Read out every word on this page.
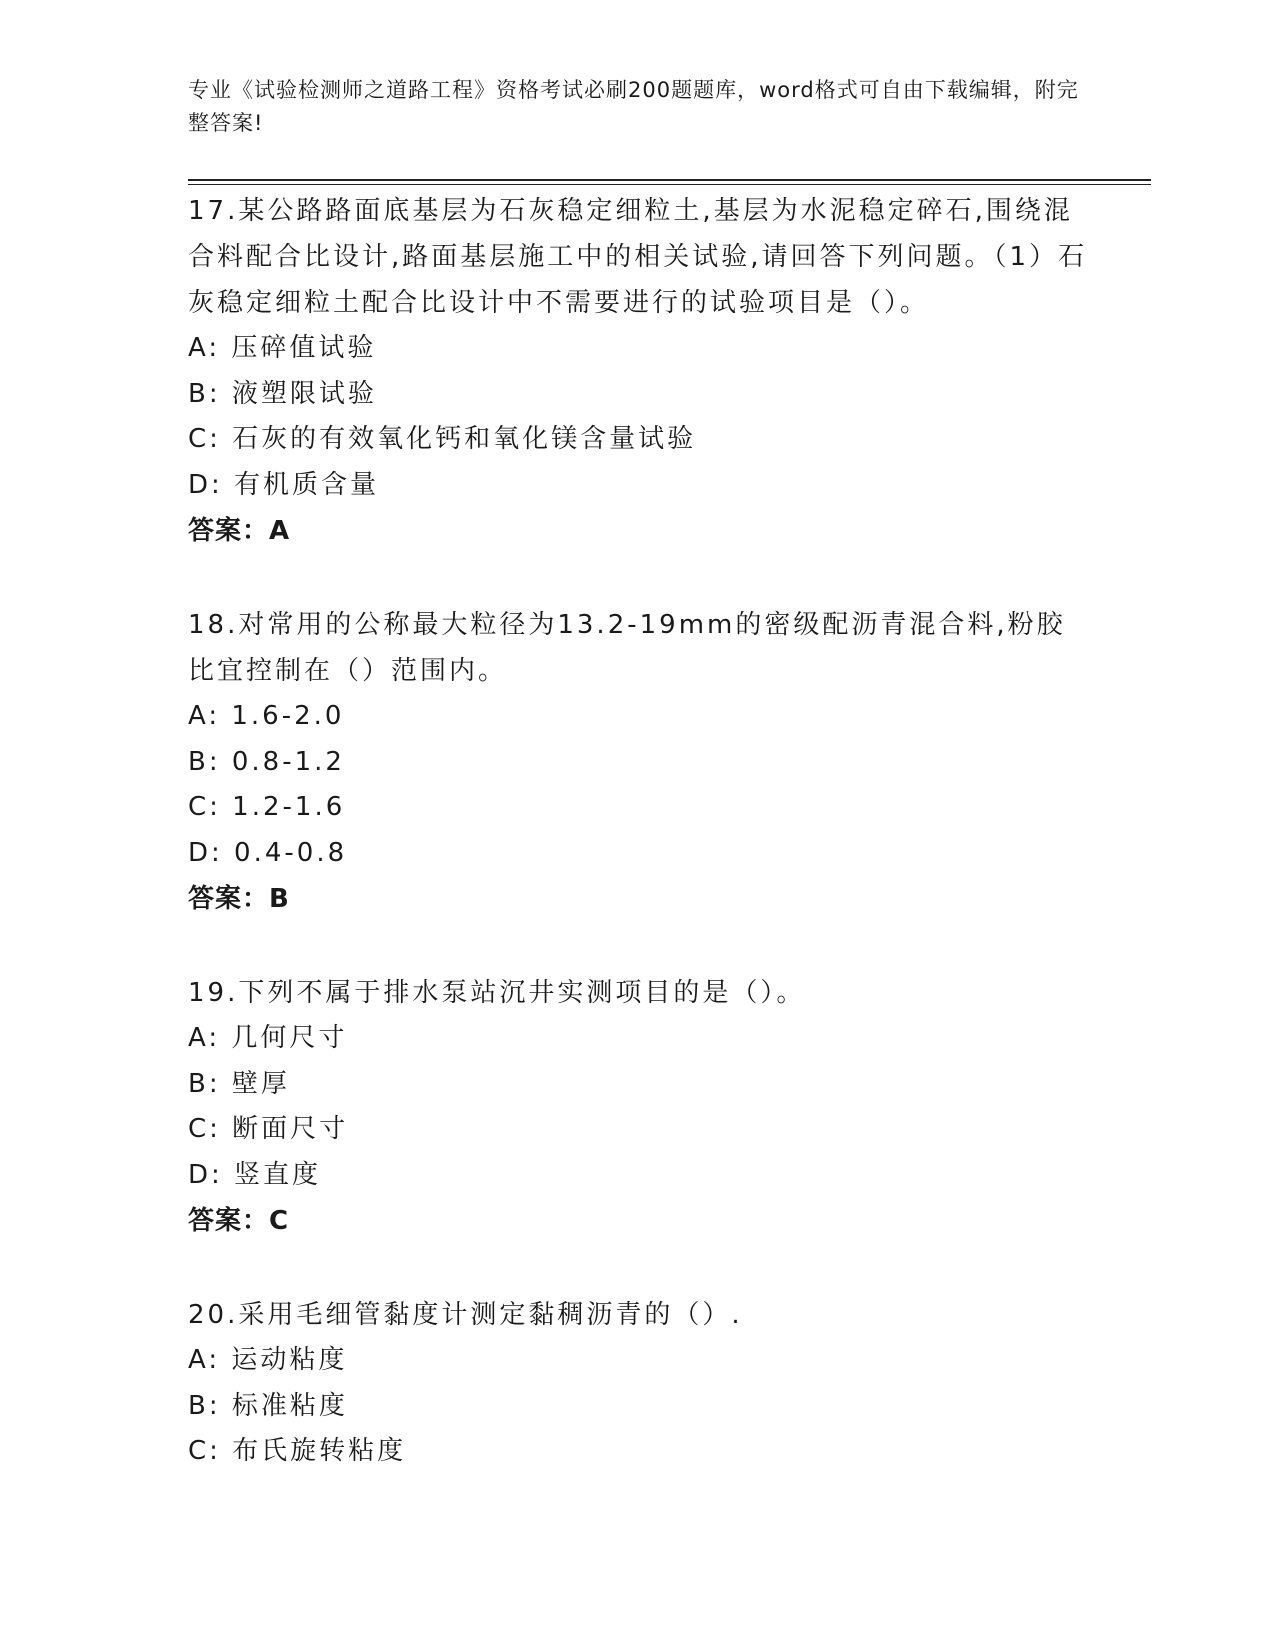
专业《试验检测师之道路工程》资格考试必刷200题题库，word格式可自由下载编辑，附完整答案!

17.某公路路面底基层为石灰稳定细粒土,基层为水泥稳定碎石,围绕混合料配合比设计,路面基层施工中的相关试验,请回答下列问题。（1）石灰稳定细粒土配合比设计中不需要进行的试验项目是（）。

A: 压碎值试验

B: 液塑限试验

C: 石灰的有效氧化钙和氧化镁含量试验

D: 有机质含量

答案：A

18.对常用的公称最大粒径为13.2-19mm的密级配沥青混合料,粉胶比宜控制在（）范围内。

A: 1.6-2.0

B: 0.8-1.2

C: 1.2-1.6

D: 0.4-0.8

答案：B

19.下列不属于排水泵站沉井实测项目的是（）。

A: 几何尺寸

B: 壁厚

C: 断面尺寸

D: 竖直度

答案：C

20.采用毛细管黏度计测定黏稠沥青的（）.

A: 运动粘度

B: 标准粘度

C: 布氏旋转粘度
